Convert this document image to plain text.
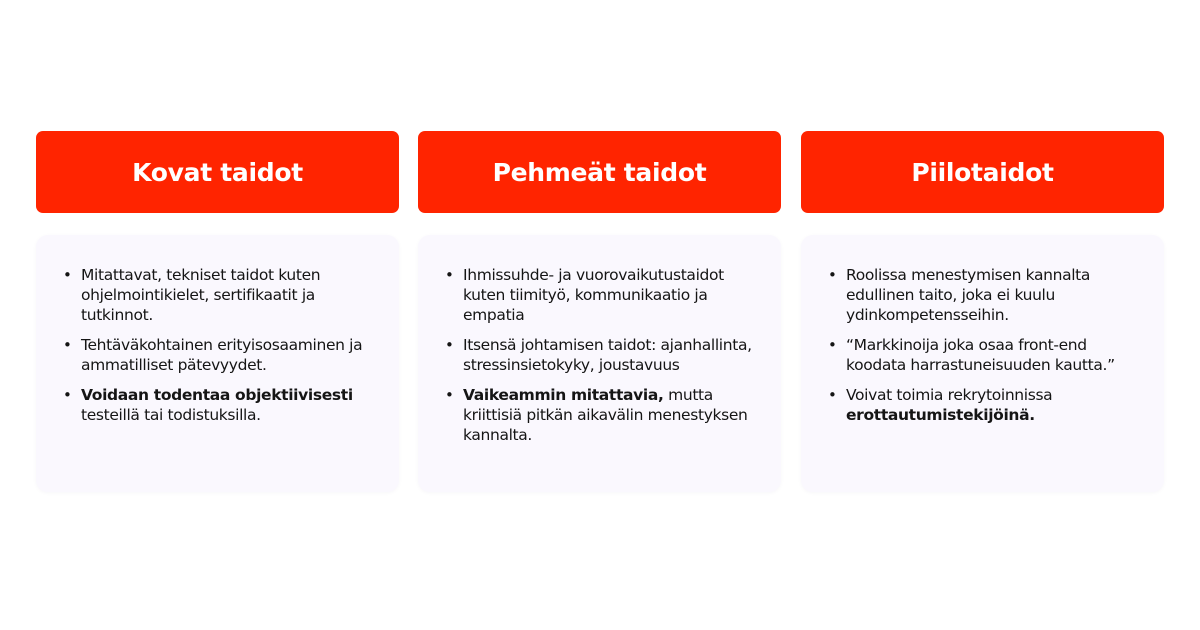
Kovat taidot
• Mitattavat, tekniset taidot kuten ohjelmointikielet, sertifikaatit ja tutkinnot.
• Tehtäväkohtainen erityisosaaminen ja ammatilliset pätevyydet.
• Voidaan todentaa objektiivisesti testeillä tai todistuksilla.
Pehmeät taidot
• Ihmissuhde- ja vuorovaikutustaidot kuten tiimityö, kommunikaatio ja empatia
• Itsensä johtamisen taidot: ajanhallinta, stressinsietokyky, joustavuus
• Vaikeammin mitattavia, mutta kriittisiä pitkän aikavälin menestyksen kannalta.
Piilotaidot
• Roolissa menestymisen kannalta edullinen taito, joka ei kuulu ydinkompetensseihin.
• “Markkinoija joka osaa front-end koodata harrastuneisuuden kautta.”
• Voivat toimia rekrytoinnissa erottautumistekijöinä.
